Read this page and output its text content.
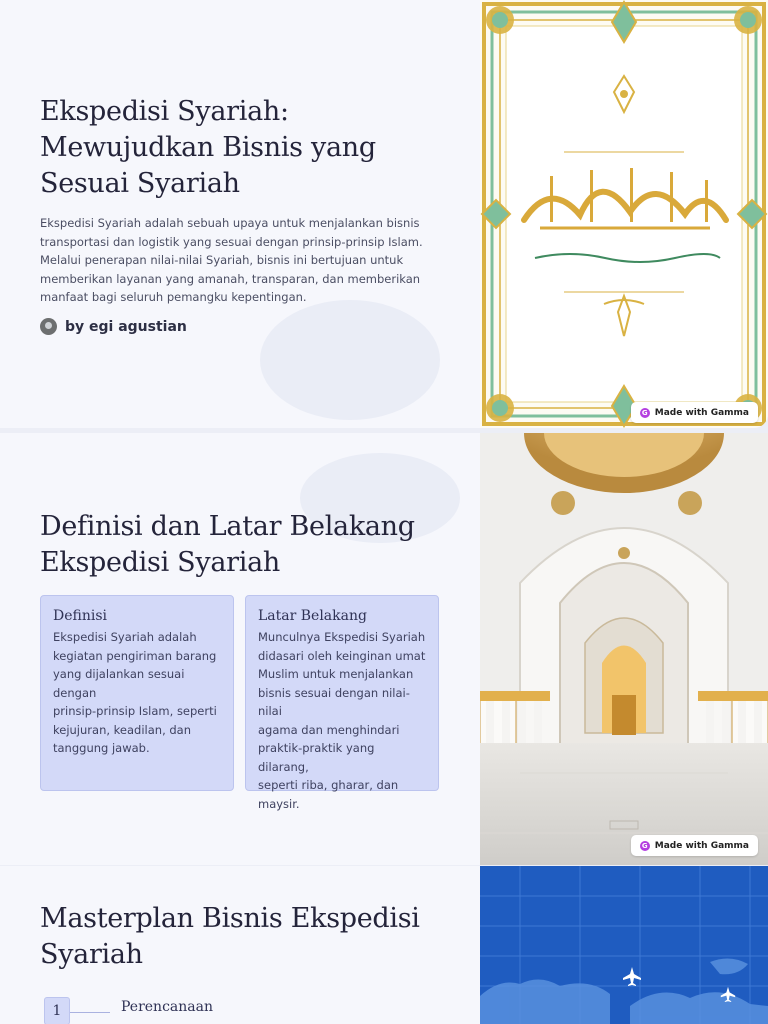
Ekspedisi Syariah:
Mewujudkan Bisnis yang
Sesuai Syariah

Ekspedisi Syariah adalah sebuah upaya untuk menjalankan bisnis
transportasi dan logistik yang sesuai dengan prinsip-prinsip Islam.
Melalui penerapan nilai-nilai Syariah, bisnis ini bertujuan untuk
memberikan layanan yang amanah, transparan, dan memberikan
manfaat bagi seluruh pemangku kepentingan.

by egi agustian
G Made with Gamma
Definisi dan Latar Belakang
Ekspedisi Syariah
Definisi

Ekspedisi Syariah adalah
kegiatan pengiriman barang
yang dijalankan sesuai dengan
prinsip-prinsip Islam, seperti
kejujuran, keadilan, dan
tanggung jawab.

Latar Belakang

Munculnya Ekspedisi Syariah
didasari oleh keinginan umat
Muslim untuk menjalankan
bisnis sesuai dengan nilai-nilai
agama dan menghindari
praktik-praktik yang dilarang,
seperti riba, gharar, dan
maysir.

G Made with Gamma
Masterplan Bisnis Ekspedisi
Syariah
1	Perencanaan
